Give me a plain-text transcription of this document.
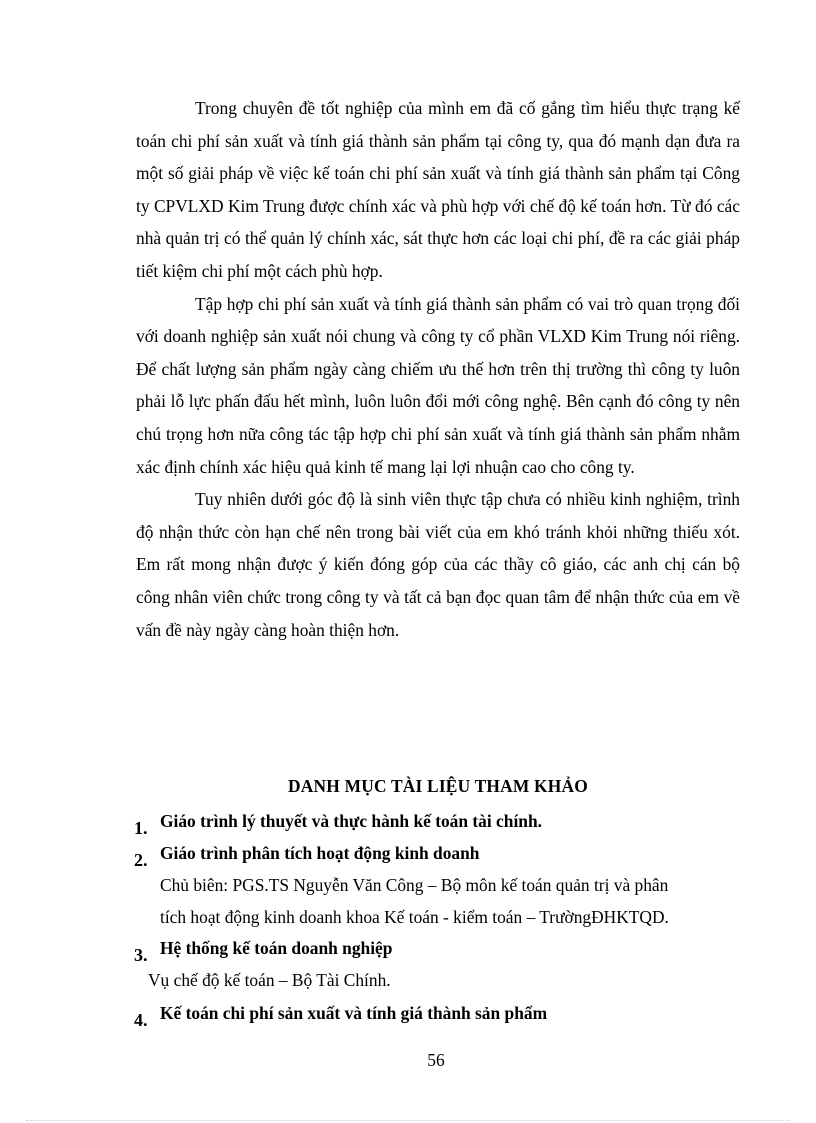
Trong chuyên đề tốt nghiệp của mình em đã cố gắng tìm hiểu thực trạng kế toán chi phí sản xuất và tính giá thành sản phẩm tại công ty, qua đó mạnh dạn đưa ra một số giải pháp về việc kế toán chi phí sản xuất và tính giá thành sản phẩm tại Công ty CPVLXD Kim Trung được chính xác và phù hợp với chế độ kế toán hơn. Từ đó các nhà quản trị có thể quản lý chính xác, sát thực hơn các loại chi phí, đề ra các giải pháp tiết kiệm chi phí một cách phù hợp.

Tập hợp chi phí sản xuất và tính giá thành sản phẩm có vai trò quan trọng đối với doanh nghiệp sản xuất nói chung và công ty cổ phần VLXD Kim Trung nói riêng. Để chất lượng sản phẩm ngày càng chiếm ưu thế hơn trên thị trường thì công ty luôn phải lỗ lực phấn đấu hết mình, luôn luôn đổi mới công nghệ. Bên cạnh đó công ty nên chú trọng hơn nữa công tác tập hợp chi phí sản xuất và tính giá thành sản phẩm nhằm xác định chính xác hiệu quả kinh tế mang lại lợi nhuận cao cho công ty.

Tuy nhiên dưới góc độ là sinh viên thực tập chưa có nhiều kinh nghiệm, trình độ nhận thức còn hạn chế nên trong bài viết của em khó tránh khỏi những thiếu xót. Em rất mong nhận được ý kiến đóng góp của các thầy cô giáo, các anh chị cán bộ công nhân viên chức trong công ty và tất cả bạn đọc quan tâm để nhận thức của em về vấn đề này ngày càng hoàn thiện hơn.

DANH MỤC TÀI LIỆU THAM KHẢO
1. Giáo trình lý thuyết và thực hành kế toán tài chính.
2. Giáo trình phân tích hoạt động kinh doanh
Chủ biên: PGS.TS Nguyễn Văn Công – Bộ môn kế toán quản trị và phân
tích hoạt động kinh doanh khoa Kế toán - kiểm toán – TrườngĐHKTQD.
3. Hệ thống kế toán doanh nghiệp
Vụ chế độ kế toán – Bộ Tài Chính.
4. Kế toán chi phí sản xuất và tính giá thành sản phẩm
56
